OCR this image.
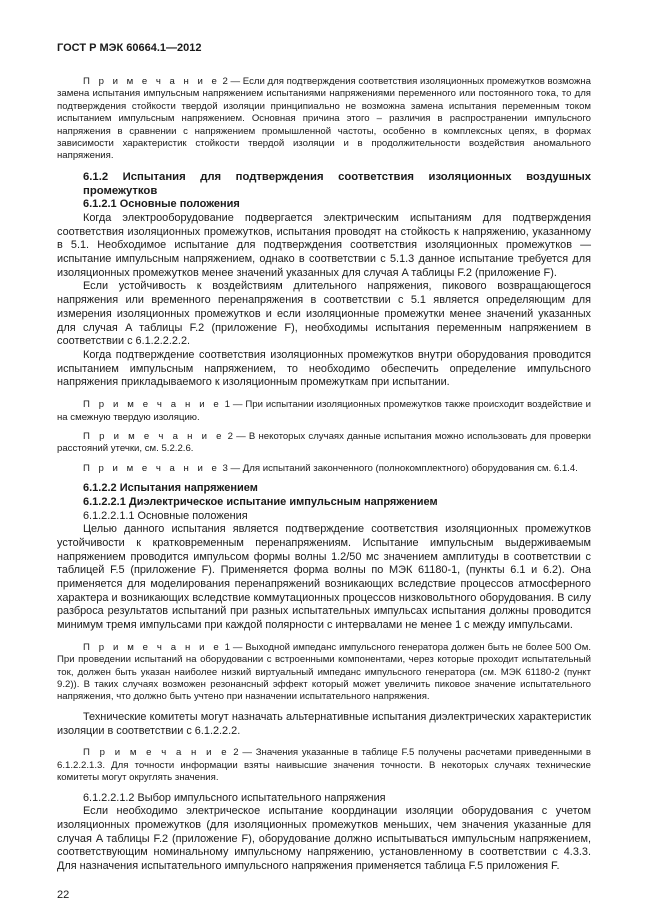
ГОСТ Р МЭК 60664.1—2012

П р и м е ч а н и е 2 — Если для подтверждения соответствия изоляционных промежутков возможна замена испытания импульсным напряжением испытаниями напряжениями переменного или постоянного тока, то для подтверждения стойкости твердой изоляции принципиально не возможна замена испытания переменным током испытанием импульсным напряжением. Основная причина этого – различия в распространении импульсного напряжения в сравнении с напряжением промышленной частоты, особенно в комплексных цепях, в формах зависимости характеристик стойкости твердой изоляции и в продолжительности воздействия аномального напряжения.

6.1.2 Испытания для подтверждения соответствия изоляционных воздушных промежутков

6.1.2.1 Основные положения

Когда электрооборудование подвергается электрическим испытаниям для подтверждения соответствия изоляционных промежутков, испытания проводят на стойкость к напряжению, указанному в 5.1. Необходимое испытание для подтверждения соответствия изоляционных промежутков — испытание импульсным напряжением, однако в соответствии с 5.1.3 данное испытание требуется для изоляционных промежутков менее значений указанных для случая A таблицы F.2 (приложение F).

Если устойчивость к воздействиям длительного напряжения, пикового возвращающегося напряжения или временного перенапряжения в соответствии с 5.1 является определяющим для измерения изоляционных промежутков и если изоляционные промежутки менее значений указанных для случая A таблицы F.2 (приложение F), необходимы испытания переменным напряжением в соответствии с 6.1.2.2.2.2.

Когда подтверждение соответствия изоляционных промежутков внутри оборудования проводится испытанием импульсным напряжением, то необходимо обеспечить определение импульсного напряжения прикладываемого к изоляционным промежуткам при испытании.

П р и м е ч а н и е 1 — При испытании изоляционных промежутков также происходит воздействие и на смежную твердую изоляцию.

П р и м е ч а н и е 2 — В некоторых случаях данные испытания можно использовать для проверки расстояний утечки, см. 5.2.2.6.

П р и м е ч а н и е 3 — Для испытаний законченного (полнокомплектного) оборудования см. 6.1.4.

6.1.2.2 Испытания напряжением

6.1.2.2.1 Диэлектрическое испытание импульсным напряжением

6.1.2.2.1.1 Основные положения

Целью данного испытания является подтверждение соответствия изоляционных промежутков устойчивости к кратковременным перенапряжениям. Испытание импульсным выдерживаемым напряжением проводится импульсом формы волны 1.2/50 мс значением амплитуды в соответствии с таблицей F.5 (приложение F). Применяется форма волны по МЭК 61180-1, (пункты 6.1 и 6.2). Она применяется для моделирования перенапряжений возникающих вследствие процессов атмосферного характера и возникающих вследствие коммутационных процессов низковольтного оборудования. В силу разброса результатов испытаний при разных испытательных импульсах испытания должны проводится минимум тремя импульсами при каждой полярности с интервалами не менее 1 с между импульсами.

П р и м е ч а н и е 1 — Выходной импеданс импульсного генератора должен быть не более 500 Ом. При проведении испытаний на оборудовании с встроенными компонентами, через которые проходит испытательный ток, должен быть указан наиболее низкий виртуальный импеданс импульсного генератора (см. МЭК 61180-2 (пункт 9.2)). В таких случаях возможен резонансный эффект который может увеличить пиковое значение испытательного напряжения, что должно быть учтено при назначении испытательного напряжения.

Технические комитеты могут назначать альтернативные испытания диэлектрических характеристик изоляции в соответствии с 6.1.2.2.2.

П р и м е ч а н и е 2 — Значения указанные в таблице F.5 получены расчетами приведенными в 6.1.2.2.1.3. Для точности информации взяты наивысшие значения точности. В некоторых случаях технические комитеты могут округлять значения.

6.1.2.2.1.2 Выбор импульсного испытательного напряжения

Если необходимо электрическое испытание координации изоляции оборудования с учетом изоляционных промежутков (для изоляционных промежутков меньших, чем значения указанные для случая A таблицы F.2 (приложение F), оборудование должно испытываться импульсным напряжением, соответствующим номинальному импульсному напряжению, установленному в соответствии с 4.3.3. Для назначения испытательного импульсного напряжения применяется таблица F.5 приложения F.

22
